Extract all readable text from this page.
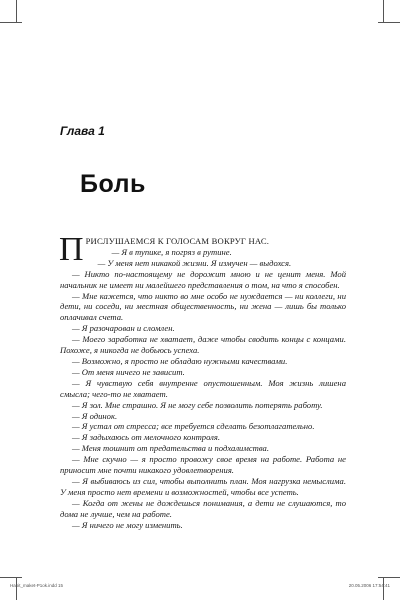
Глава 1
Боль

ПРИСЛУШАЕМСЯ К ГОЛОСАМ ВОКРУГ НАС.

— Я в тупике, я погряз в рутине.

— У меня нет никакой жизни. Я измучен — выдохся.

— Никто по-настоящему не дорожит мною и не ценит меня. Мой начальник не имеет ни малейшего представления о том, на что я способен.

— Мне кажется, что никто во мне особо не нуждается — ни коллеги, ни дети, ни соседи, ни местная общественность, ни жена — лишь бы только оплачивал счета.

— Я разочарован и сломлен.

— Моего заработка не хватает, даже чтобы сводить концы с концами. Похоже, я никогда не добьюсь успеха.

— Возможно, я просто не обладаю нужными качествами.

— От меня ничего не зависит.

— Я чувствую себя внутренне опустошенным. Моя жизнь лишена смысла; чего-то не хватает.

— Я зол. Мне страшно. Я не могу себе позволить потерять работу.

— Я одинок.

— Я устал от стресса; все требуется сделать безотлагательно.

— Я задыхаюсь от мелочного контроля.

— Меня тошнит от предательства и подхалимства.

— Мне скучно — я просто провожу свое время на работе. Работа не приносит мне почти никакого удовлетворения.

— Я выбиваюсь из сил, чтобы выполнить план. Моя нагрузка немыслима. У меня просто нет времени и возможностей, чтобы все успеть.

— Когда от жены не дождешься понимания, а дети не слушаются, то дома не лучше, чем на работе.

— Я ничего не могу изменить.

Habit_maket-P1ok.indd 15	20.05.2006 17:54:41
